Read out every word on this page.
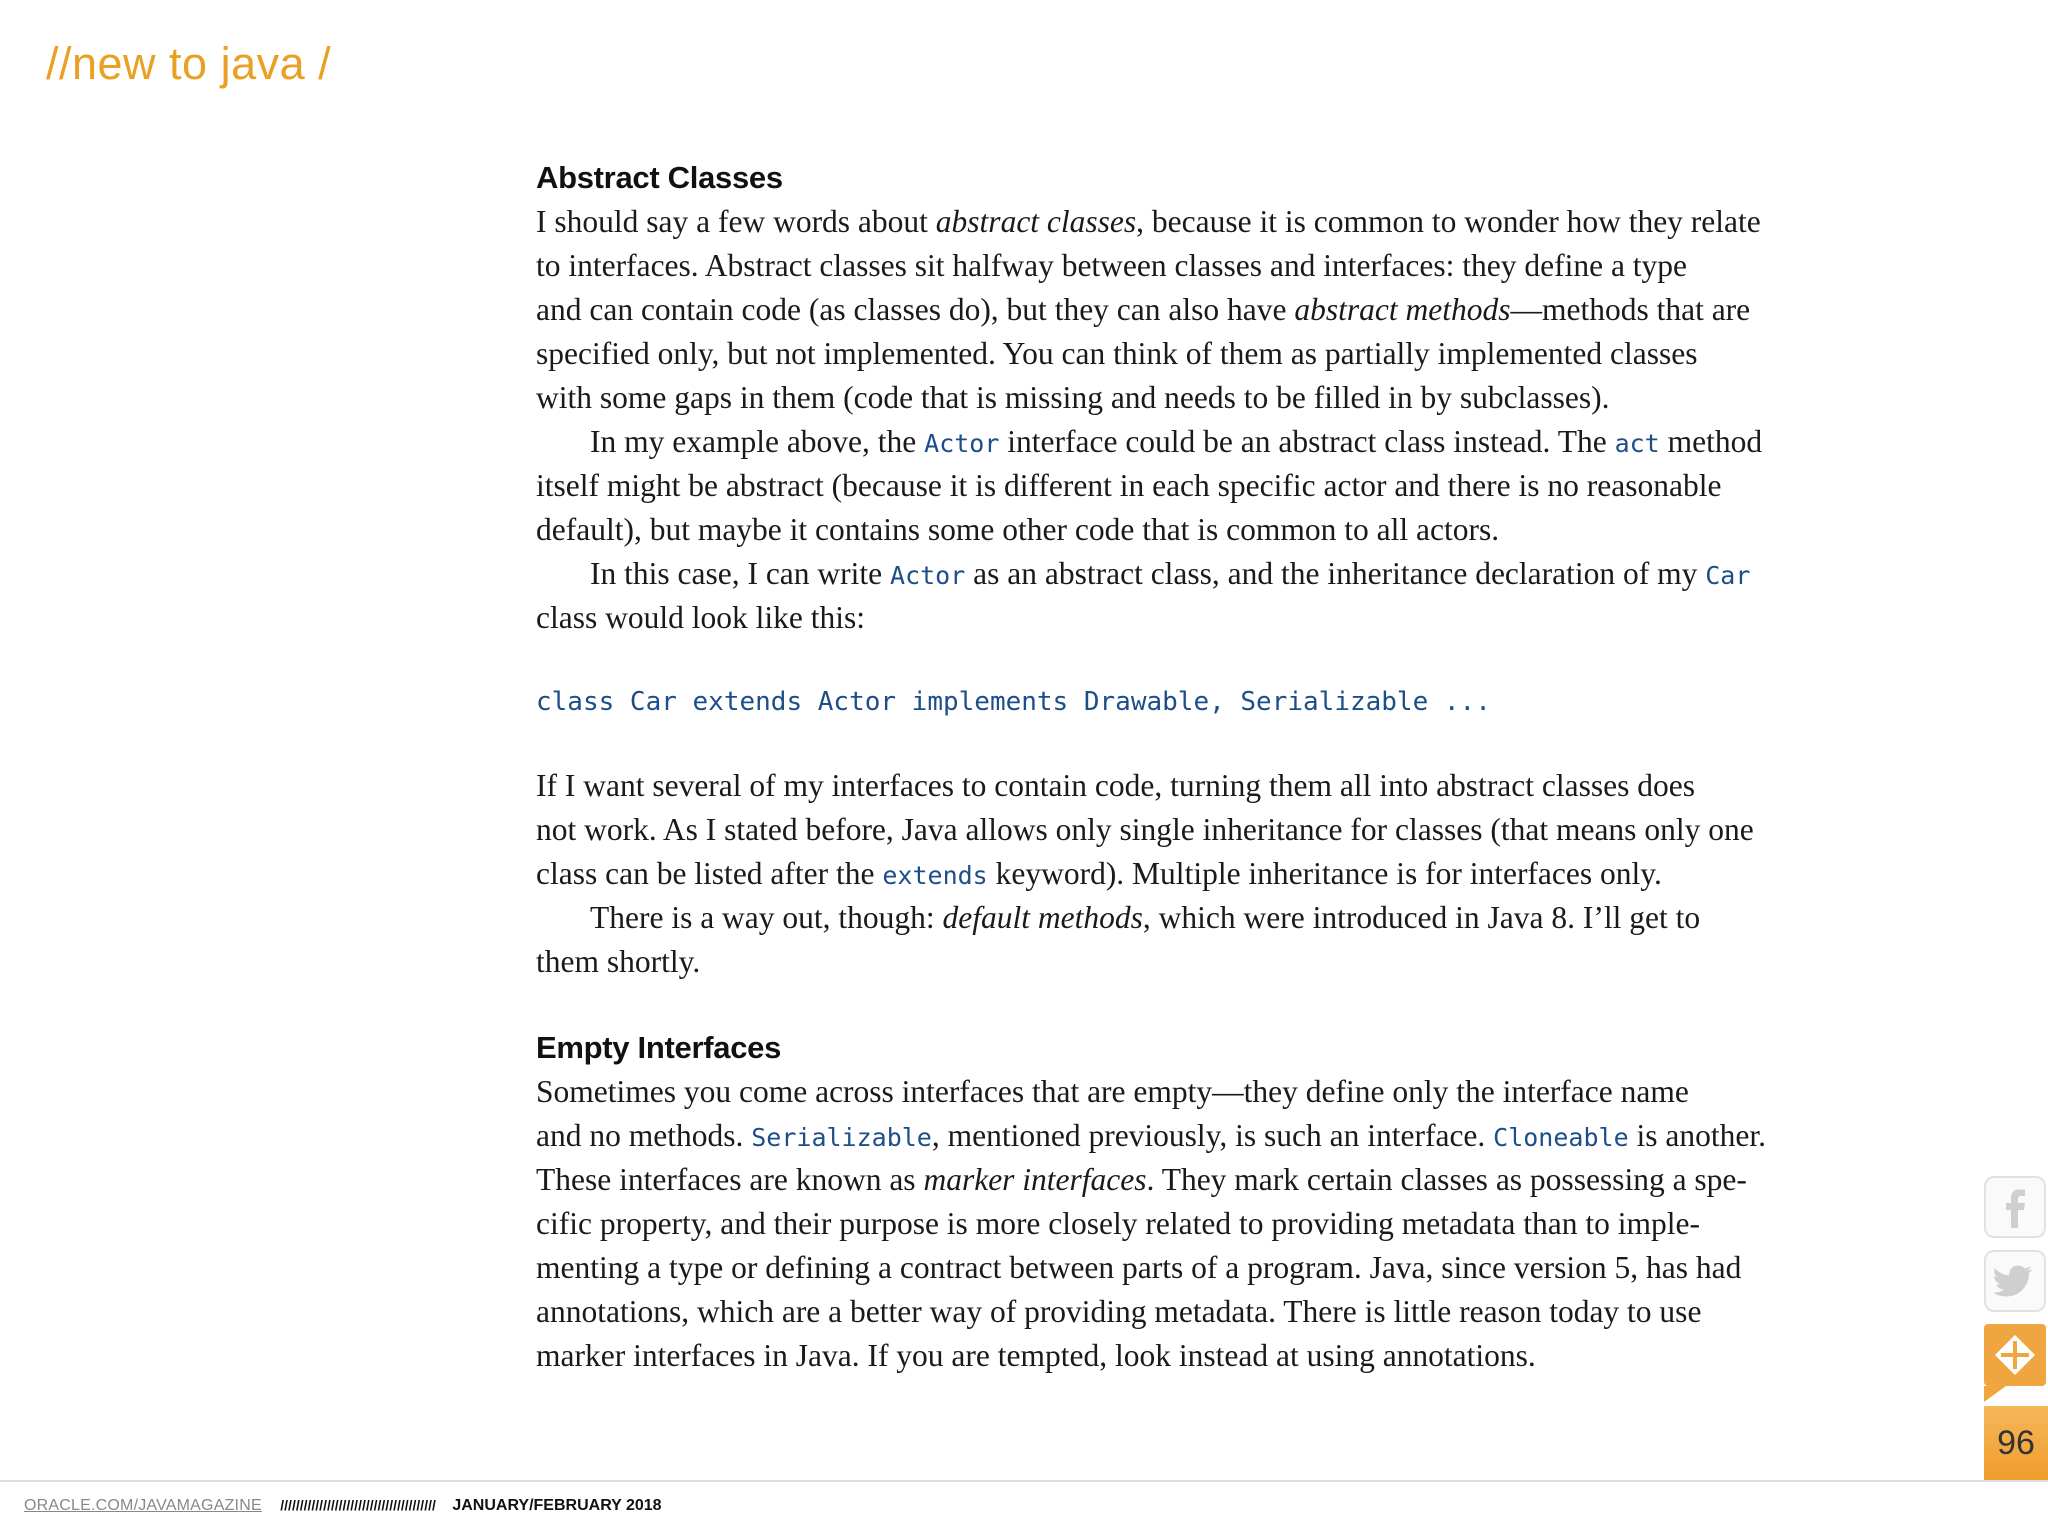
//new to java /
Abstract Classes
I should say a few words about abstract classes, because it is common to wonder how they relate
to interfaces. Abstract classes sit halfway between classes and interfaces: they define a type
and can contain code (as classes do), but they can also have abstract methods—methods that are
specified only, but not implemented. You can think of them as partially implemented classes
with some gaps in them (code that is missing and needs to be filled in by subclasses).
In my example above, the Actor interface could be an abstract class instead. The act method
itself might be abstract (because it is different in each specific actor and there is no reasonable
default), but maybe it contains some other code that is common to all actors.
In this case, I can write Actor as an abstract class, and the inheritance declaration of my Car
class would look like this:
class Car extends Actor implements Drawable, Serializable ...
If I want several of my interfaces to contain code, turning them all into abstract classes does
not work. As I stated before, Java allows only single inheritance for classes (that means only one
class can be listed after the extends keyword). Multiple inheritance is for interfaces only.
There is a way out, though: default methods, which were introduced in Java 8. I’ll get to
them shortly.
Empty Interfaces
Sometimes you come across interfaces that are empty—they define only the interface name
and no methods. Serializable, mentioned previously, is such an interface. Cloneable is another.
These interfaces are known as marker interfaces. They mark certain classes as possessing a spe-
cific property, and their purpose is more closely related to providing metadata than to imple-
menting a type or defining a contract between parts of a program. Java, since version 5, has had
annotations, which are a better way of providing metadata. There is little reason today to use
marker interfaces in Java. If you are tempted, look instead at using annotations.
96
ORACLE.COM/JAVAMAGAZINE //////////////////////////////////////// JANUARY/FEBRUARY 2018
